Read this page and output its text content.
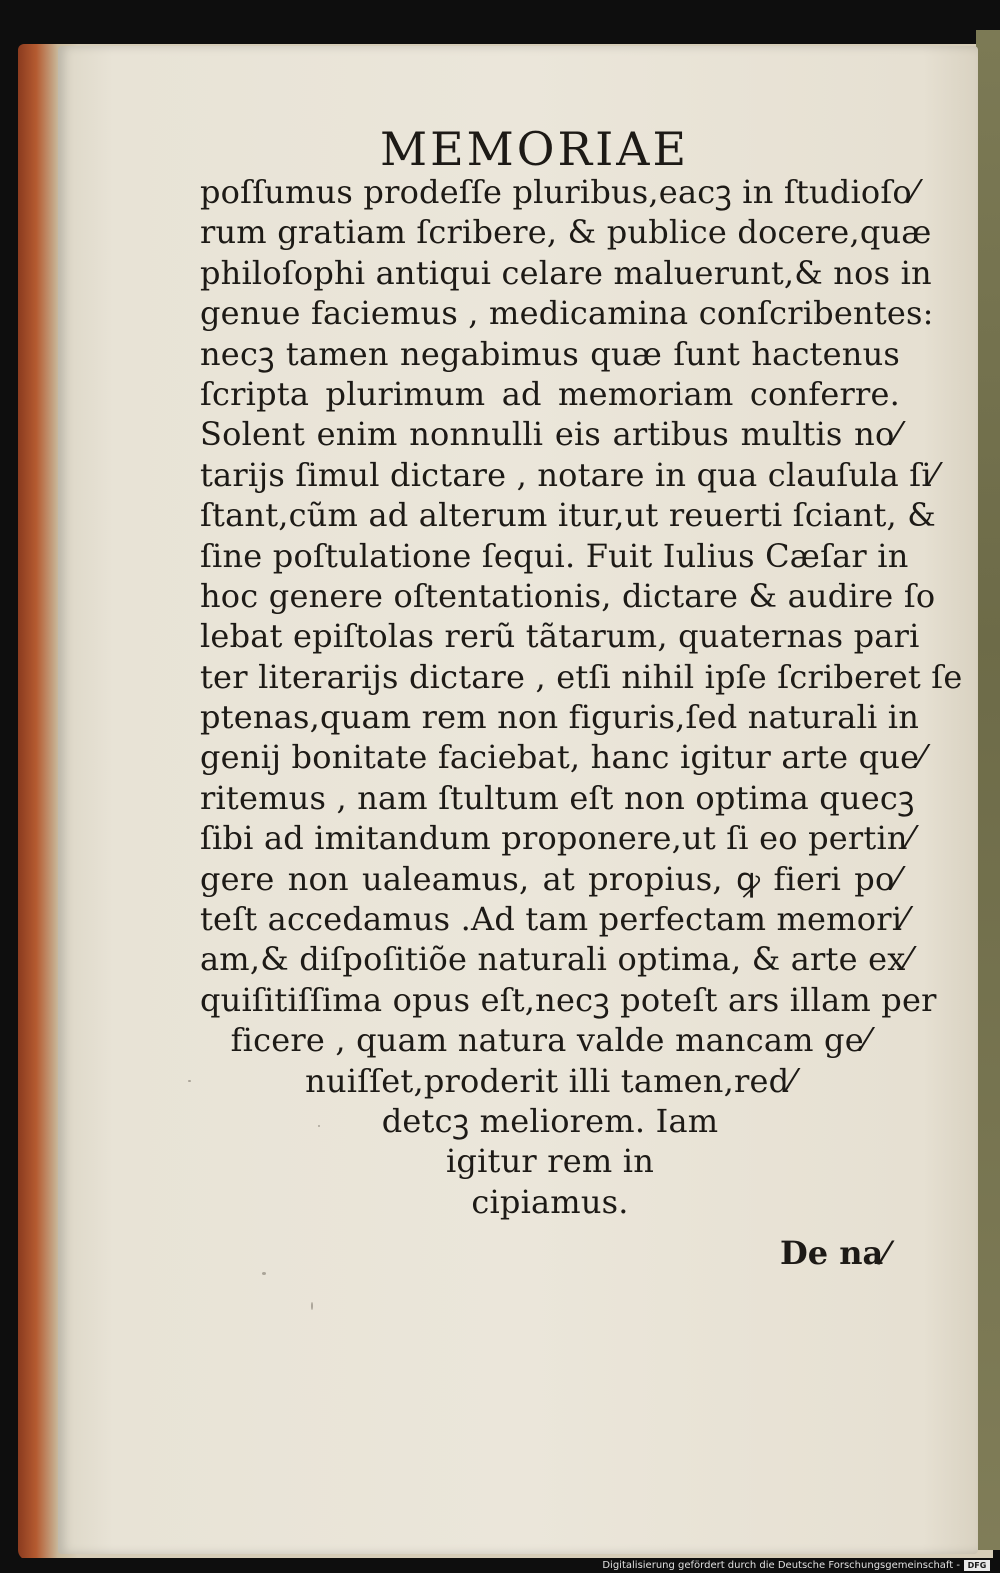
MEMORIAE
poſſumus prodeſſe pluribus,eacꝫ in ſtudioſo⁄
rum gratiam ſcribere, & publice docere,quæ
philoſophi antiqui celare maluerunt,& nos in
genue faciemus , medicamina conſcribentes:
necꝫ tamen negabimus quæ ſunt hactenus
ſcripta plurimum ad memoriam conferre.
Solent enim nonnulli eis artibus multis no⁄
tarijs ſimul dictare , notare in qua clauſula ſi⁄
ſtant,cũm ad alterum itur,ut reuerti ſciant, &
ſine poſtulatione ſequi. Fuit Iulius Cæſar in
hoc genere oſtentationis, dictare & audire ſo
lebat epiſtolas rerũ tãtarum, quaternas pari
ter literarijs dictare , etſi nihil ipſe ſcriberet ſe
ptenas,quam rem non figuris,ſed naturali in
genij bonitate faciebat, hanc igitur arte que⁄
ritemus , nam ſtultum eſt non optima quecꝫ
ſibi ad imitandum proponere,ut ſi eo pertin⁄
gere non ualeamus, at propius, ꝙ fieri po⁄
teſt accedamus .Ad tam perfectam memori⁄
am,& diſpoſitiõe naturali optima, & arte ex⁄
quiſitiſſima opus eſt,necꝫ poteſt ars illam per
ficere , quam natura valde mancam ge⁄
nuiſſet,proderit illi tamen,red⁄
detcꝫ meliorem. Iam
igitur rem in
cipiamus.
De na⁄
Digitalisierung gefördert durch die Deutsche Forschungsgemeinschaft - DFG
